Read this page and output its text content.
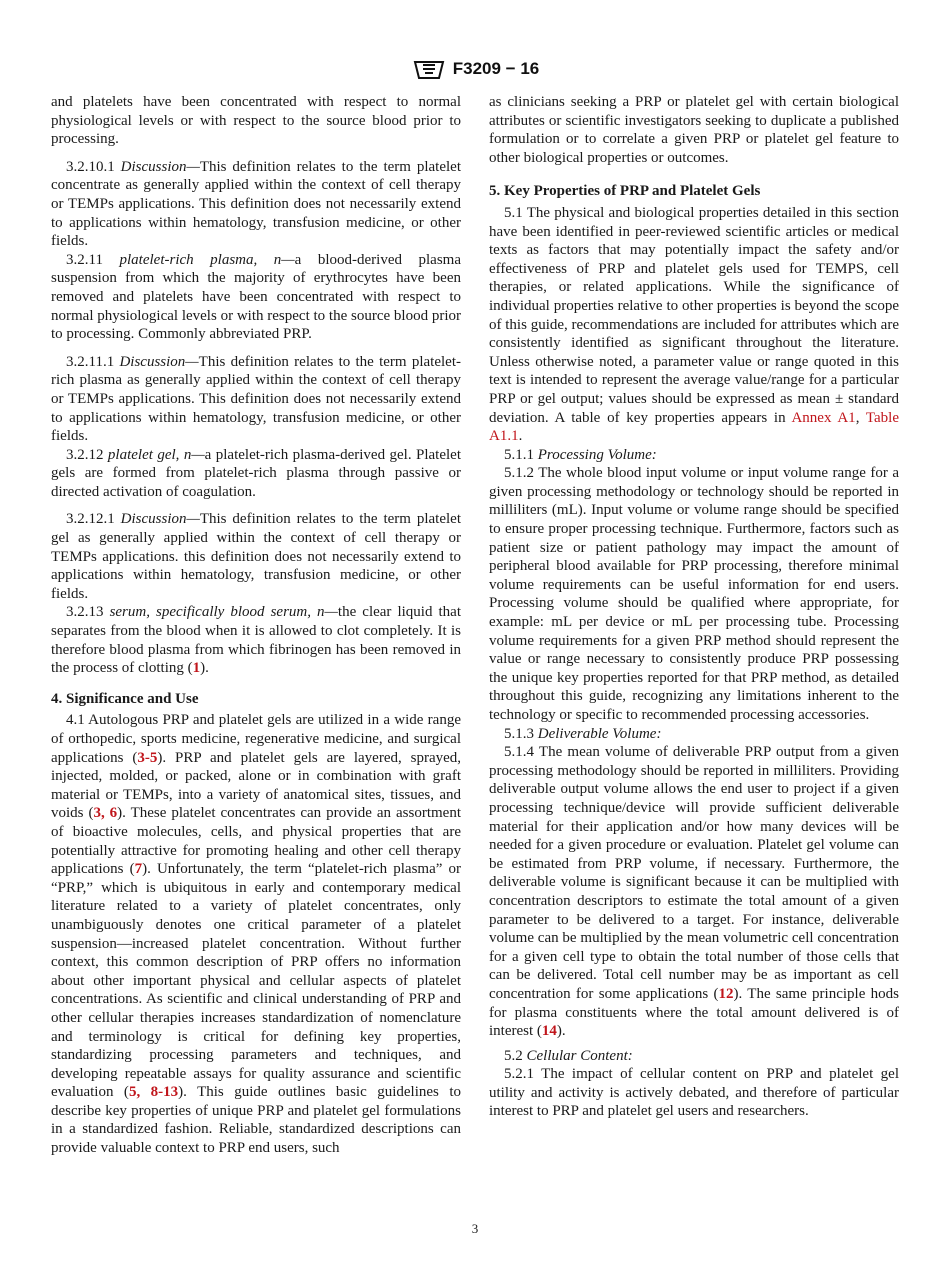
F3209 − 16

and platelets have been concentrated with respect to normal physiological levels or with respect to the source blood prior to processing.

3.2.10.1 Discussion—This definition relates to the term platelet concentrate as generally applied within the context of cell therapy or TEMPs applications. This definition does not necessarily extend to applications within hematology, transfusion medicine, or other fields.

3.2.11 platelet-rich plasma, n—a blood-derived plasma suspension from which the majority of erythrocytes have been removed and platelets have been concentrated with respect to normal physiological levels or with respect to the source blood prior to processing. Commonly abbreviated PRP.

3.2.11.1 Discussion—This definition relates to the term platelet-rich plasma as generally applied within the context of cell therapy or TEMPs applications. This definition does not necessarily extend to applications within hematology, transfusion medicine, or other fields.

3.2.12 platelet gel, n—a platelet-rich plasma-derived gel. Platelet gels are formed from platelet-rich plasma through passive or directed activation of coagulation.

3.2.12.1 Discussion—This definition relates to the term platelet gel as generally applied within the context of cell therapy or TEMPs applications. this definition does not necessarily extend to applications within hematology, transfusion medicine, or other fields.

3.2.13 serum, specifically blood serum, n—the clear liquid that separates from the blood when it is allowed to clot completely. It is therefore blood plasma from which fibrinogen has been removed in the process of clotting (1).

4. Significance and Use

4.1 Autologous PRP and platelet gels are utilized in a wide range of orthopedic, sports medicine, regenerative medicine, and surgical applications (3-5). PRP and platelet gels are layered, sprayed, injected, molded, or packed, alone or in combination with graft material or TEMPs, into a variety of anatomical sites, tissues, and voids (3, 6). These platelet concentrates can provide an assortment of bioactive molecules, cells, and physical properties that are potentially attractive for promoting healing and other cell therapy applications (7). Unfortunately, the term “platelet-rich plasma” or “PRP,” which is ubiquitous in early and contemporary medical literature related to a variety of platelet concentrates, only unambiguously denotes one critical parameter of a platelet suspension—increased platelet concentration. Without further context, this common description of PRP offers no information about other important physical and cellular aspects of platelet concentrations. As scientific and clinical understanding of PRP and other cellular therapies increases standardization of nomenclature and terminology is critical for defining key properties, standardizing processing parameters and techniques, and developing repeatable assays for quality assurance and scientific evaluation (5, 8-13). This guide outlines basic guidelines to describe key properties of unique PRP and platelet gel formulations in a standardized fashion. Reliable, standardized descriptions can provide valuable context to PRP end users, such

as clinicians seeking a PRP or platelet gel with certain biological attributes or scientific investigators seeking to duplicate a published formulation or to correlate a given PRP or platelet gel feature to other biological properties or outcomes.

5. Key Properties of PRP and Platelet Gels

5.1 The physical and biological properties detailed in this section have been identified in peer-reviewed scientific articles or medical texts as factors that may potentially impact the safety and/or effectiveness of PRP and platelet gels used for TEMPS, cell therapies, or related applications. While the significance of individual properties relative to other properties is beyond the scope of this guide, recommendations are included for attributes which are consistently identified as significant throughout the literature. Unless otherwise noted, a parameter value or range quoted in this text is intended to represent the average value/range for a particular PRP or gel output; values should be expressed as mean ± standard deviation. A table of key properties appears in Annex A1, Table A1.1.

5.1.1 Processing Volume:

5.1.2 The whole blood input volume or input volume range for a given processing methodology or technology should be reported in milliliters (mL). Input volume or volume range should be specified to ensure proper processing technique. Furthermore, factors such as patient size or patient pathology may impact the amount of peripheral blood available for PRP processing, therefore minimal volume requirements can be useful information for end users. Processing volume should be qualified where appropriate, for example: mL per device or mL per processing tube. Processing volume requirements for a given PRP method should represent the value or range necessary to consistently produce PRP possessing the unique key properties reported for that PRP method, as detailed throughout this guide, recognizing any limitations inherent to the technology or specific to recommended processing accessories.

5.1.3 Deliverable Volume:

5.1.4 The mean volume of deliverable PRP output from a given processing methodology should be reported in milliliters. Providing deliverable output volume allows the end user to project if a given processing technique/device will provide sufficient deliverable material for their application and/or how many devices will be needed for a given procedure or evaluation. Platelet gel volume can be estimated from PRP volume, if necessary. Furthermore, the deliverable volume is significant because it can be multiplied with concentration descriptors to estimate the total amount of a given parameter to be delivered to a target. For instance, deliverable volume can be multiplied by the mean volumetric cell concentration for a given cell type to obtain the total number of those cells that can be delivered. Total cell number may be as important as cell concentration for some applications (12). The same principle hods for plasma constituents where the total amount delivered is of interest (14).

5.2 Cellular Content:

5.2.1 The impact of cellular content on PRP and platelet gel utility and activity is actively debated, and therefore of particular interest to PRP and platelet gel users and researchers.

3
